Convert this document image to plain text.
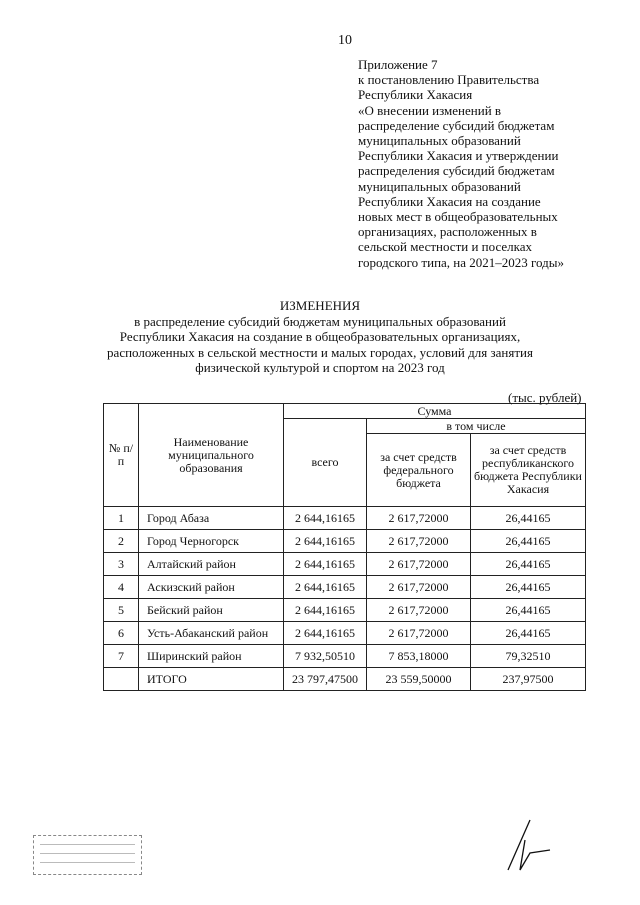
10
Приложение 7
к постановлению Правительства
Республики Хакасия
«О внесении изменений в
распределение субсидий бюджетам
муниципальных образований
Республики Хакасия и утверждении
распределения субсидий бюджетам
муниципальных образований
Республики Хакасия на создание
новых мест в общеобразовательных
организациях, расположенных в
сельской местности и поселках
городского типа, на 2021–2023 годы»
ИЗМЕНЕНИЯ
в распределение субсидий бюджетам муниципальных образований
Республики Хакасия на создание в общеобразовательных организациях,
расположенных в сельской местности и малых городах, условий для занятия
физической культурой и спортом на 2023 год
(тыс. рублей)
№ п/п	Наименование муниципального образования	Сумма		
		всего	в том числе	
			за счет средств федерального бюджета	за счет средств республиканского бюджета Республики Хакасия
1	Город Абаза	2 644,16165	2 617,72000	26,44165
2	Город Черногорск	2 644,16165	2 617,72000	26,44165
3	Алтайский район	2 644,16165	2 617,72000	26,44165
4	Аскизский район	2 644,16165	2 617,72000	26,44165
5	Бейский район	2 644,16165	2 617,72000	26,44165
6	Усть-Абаканский район	2 644,16165	2 617,72000	26,44165
7	Ширинский район	7 932,50510	7 853,18000	79,32510
	ИТОГО	23 797,47500	23 559,50000	237,97500
